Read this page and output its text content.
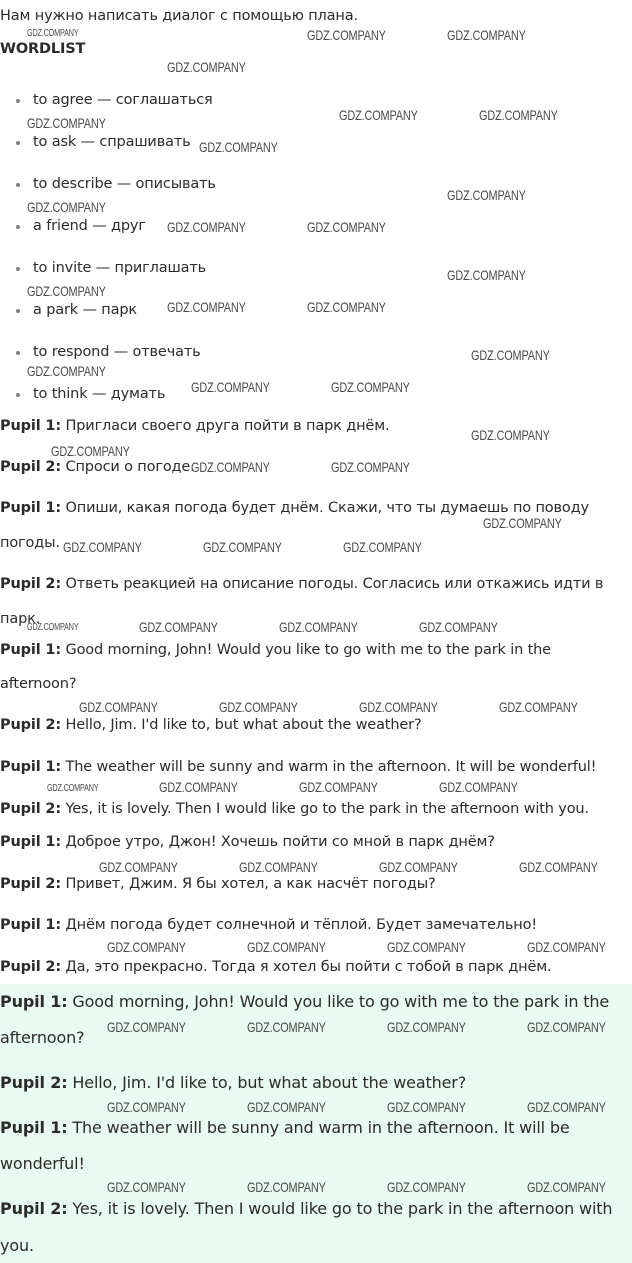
Нам нужно написать диалог с помощью плана.
WORDLIST
to agree — соглашаться
to ask — спрашивать
to describe — описывать
a friend — друг
to invite — приглашать
a park — парк
to respond — отвечать
to think — думать
Pupil 1: Пригласи своего друга пойти в парк днём.
Pupil 2: Спроси о погоде.
Pupil 1: Опиши, какая погода будет днём. Скажи, что ты думаешь по поводу
погоды.
Pupil 2: Ответь реакцией на описание погоды. Согласись или откажись идти в
парк.
Pupil 1: Good morning, John! Would you like to go with me to the park in the
afternoon?
Pupil 2: Hello, Jim. I'd like to, but what about the weather?
Pupil 1: The weather will be sunny and warm in the afternoon. It will be wonderful!
Pupil 2: Yes, it is lovely. Then I would like go to the park in the afternoon with you.
Pupil 1: Доброе утро, Джон! Хочешь пойти со мной в парк днём?
Pupil 2: Привет, Джим. Я бы хотел, а как насчёт погоды?
Pupil 1: Днём погода будет солнечной и тёплой. Будет замечательно!
Pupil 2: Да, это прекрасно. Тогда я хотел бы пойти с тобой в парк днём.
Pupil 1: Good morning, John! Would you like to go with me to the park in the
afternoon?
Pupil 2: Hello, Jim. I'd like to, but what about the weather?
Pupil 1: The weather will be sunny and warm in the afternoon. It will be
wonderful!
Pupil 2: Yes, it is lovely. Then I would like go to the park in the afternoon with
you.
GDZ.COMPANY	GDZ.COMPANY	GDZ.COMPANY
GDZ.COMPANY
GDZ.COMPANY	GDZ.COMPANY	GDZ.COMPANY
GDZ.COMPANY
GDZ.COMPANY
GDZ.COMPANY
GDZ.COMPANY	GDZ.COMPANY
GDZ.COMPANY
GDZ.COMPANY
GDZ.COMPANY	GDZ.COMPANY
GDZ.COMPANY
GDZ.COMPANY
GDZ.COMPANY	GDZ.COMPANY
GDZ.COMPANY
GDZ.COMPANY
GDZ.COMPANY	GDZ.COMPANY
GDZ.COMPANY
GDZ.COMPANY	GDZ.COMPANY	GDZ.COMPANY
GDZ.COMPANY	GDZ.COMPANY	GDZ.COMPANY	GDZ.COMPANY
GDZ.COMPANY	GDZ.COMPANY	GDZ.COMPANY	GDZ.COMPANY
GDZ.COMPANY	GDZ.COMPANY	GDZ.COMPANY	GDZ.COMPANY
GDZ.COMPANY	GDZ.COMPANY	GDZ.COMPANY	GDZ.COMPANY
GDZ.COMPANY	GDZ.COMPANY	GDZ.COMPANY	GDZ.COMPANY
GDZ.COMPANY	GDZ.COMPANY	GDZ.COMPANY	GDZ.COMPANY
GDZ.COMPANY	GDZ.COMPANY	GDZ.COMPANY	GDZ.COMPANY
GDZ.COMPANY	GDZ.COMPANY	GDZ.COMPANY	GDZ.COMPANY
